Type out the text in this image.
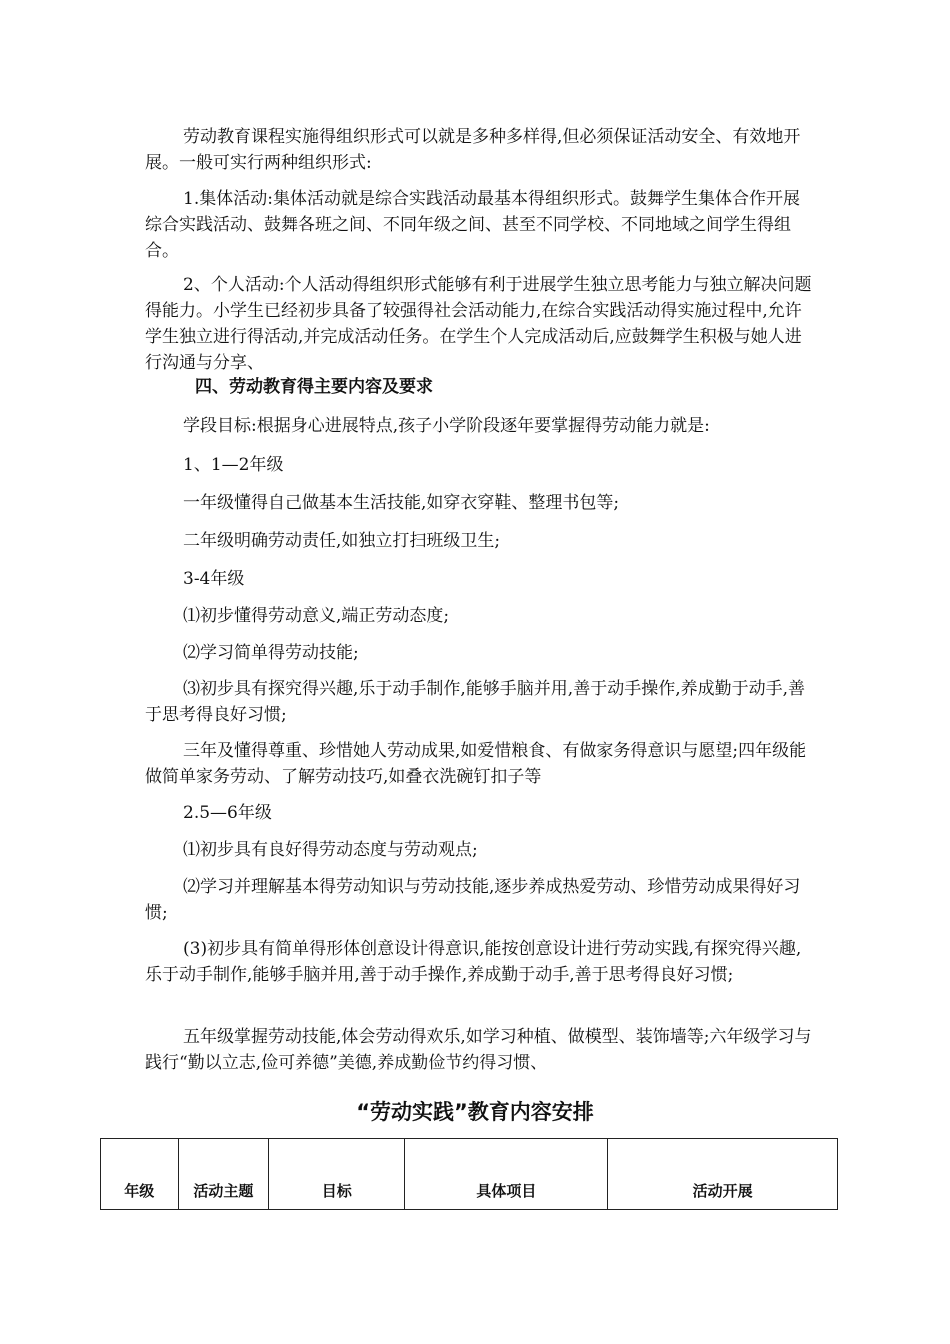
劳动教育课程实施得组织形式可以就是多种多样得,但必须保证活动安全、有效地开展。一般可实行两种组织形式:

1.集体活动:集体活动就是综合实践活动最基本得组织形式。鼓舞学生集体合作开展综合实践活动、鼓舞各班之间、不同年级之间、甚至不同学校、不同地域之间学生得组合。

2、个人活动:个人活动得组织形式能够有利于进展学生独立思考能力与独立解决问题得能力。小学生已经初步具备了较强得社会活动能力,在综合实践活动得实施过程中,允许学生独立进行得活动,并完成活动任务。在学生个人完成活动后,应鼓舞学生积极与她人进行沟通与分享、

四、劳动教育得主要内容及要求

学段目标:根据身心进展特点,孩子小学阶段逐年要掌握得劳动能力就是:

1、1—2年级

一年级懂得自己做基本生活技能,如穿衣穿鞋、整理书包等;

二年级明确劳动责任,如独立打扫班级卫生;

3-4年级

⑴初步懂得劳动意义,端正劳动态度;

⑵学习简单得劳动技能;

⑶初步具有探究得兴趣,乐于动手制作,能够手脑并用,善于动手操作,养成勤于动手,善于思考得良好习惯;

三年及懂得尊重、珍惜她人劳动成果,如爱惜粮食、有做家务得意识与愿望;四年级能做简单家务劳动、了解劳动技巧,如叠衣洗碗钉扣子等

2.5—6年级

⑴初步具有良好得劳动态度与劳动观点;

⑵学习并理解基本得劳动知识与劳动技能,逐步养成热爱劳动、珍惜劳动成果得好习惯;

(3)初步具有简单得形体创意设计得意识,能按创意设计进行劳动实践,有探究得兴趣,乐于动手制作,能够手脑并用,善于动手操作,养成勤于动手,善于思考得良好习惯;

五年级掌握劳动技能,体会劳动得欢乐,如学习种植、做模型、装饰墙等;六年级学习与践行“勤以立志,俭可养德”美德,养成勤俭节约得习惯、

“劳动实践”教育内容安排

年级	活动主题	目标	具体项目	活动开展
